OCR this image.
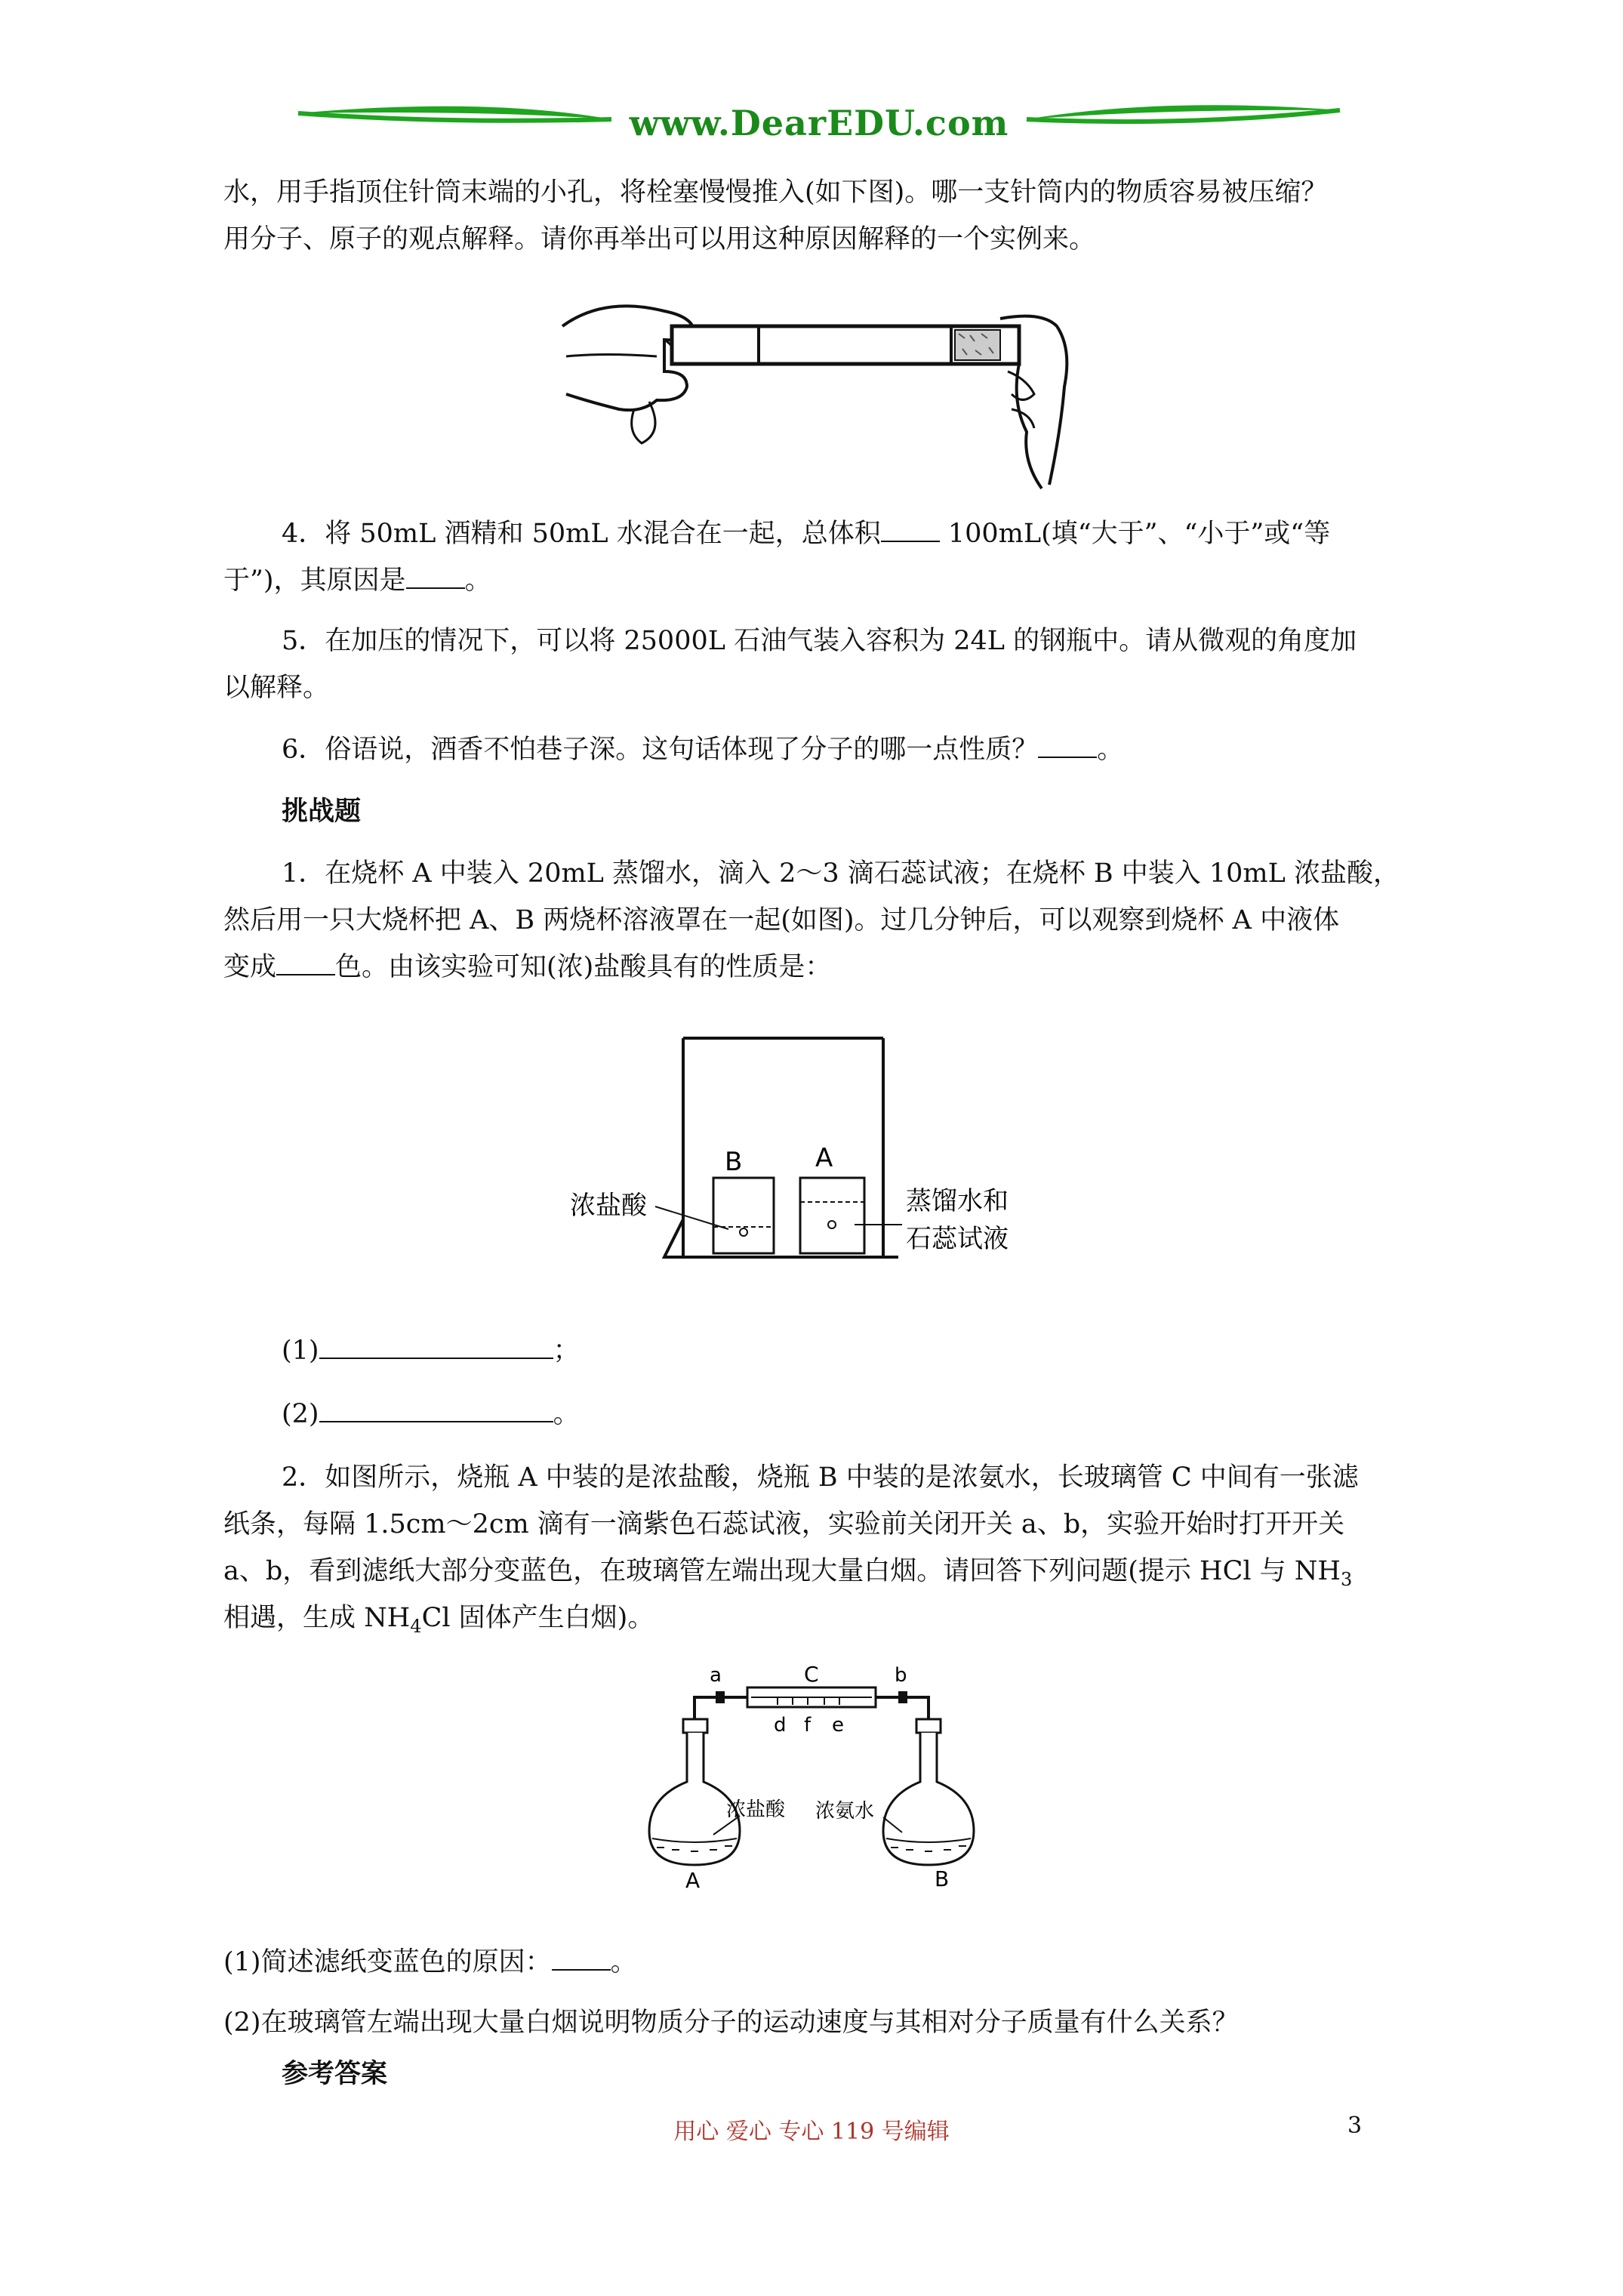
www.DearEDU.com
水，用手指顶住针筒末端的小孔，将栓塞慢慢推入(如下图)。哪一支针筒内的物质容易被压缩？
用分子、原子的观点解释。请你再举出可以用这种原因解释的一个实例来。
4．将 50mL 酒精和 50mL 水混合在一起，总体积 100mL(填“大于”、“小于”或“等
于”)，其原因是 。
5．在加压的情况下，可以将 25000L 石油气装入容积为 24L 的钢瓶中。请从微观的角度加
以解释。
6．俗语说，酒香不怕巷子深。这句话体现了分子的哪一点性质？ 。
挑战题
1．在烧杯 A 中装入 20mL 蒸馏水，滴入 2～3 滴石蕊试液；在烧杯 B 中装入 10mL 浓盐酸，
然后用一只大烧杯把 A、B 两烧杯溶液罩在一起(如图)。过几分钟后，可以观察到烧杯 A 中液体
变成 色。由该实验可知(浓)盐酸具有的性质是：
B	A
浓盐酸	蒸馏水和
石蕊试液
(1)	；
(2)	。
2．如图所示，烧瓶 A 中装的是浓盐酸，烧瓶 B 中装的是浓氨水，长玻璃管 C 中间有一张滤
纸条，每隔 1.5cm～2cm 滴有一滴紫色石蕊试液，实验前关闭开关 a、b，实验开始时打开开关
a、b，看到滤纸大部分变蓝色，在玻璃管左端出现大量白烟。请回答下列问题(提示 HCl 与 $NH_3$
相遇，生成 $NH_4Cl$ 固体产生白烟)。
a	C	b
d f e
浓盐酸 浓氨水
A	B
(1)简述滤纸变蓝色的原因： 。
(2)在玻璃管左端出现大量白烟说明物质分子的运动速度与其相对分子质量有什么关系？
参考答案
用心 爱心 专心 119 号编辑	3
